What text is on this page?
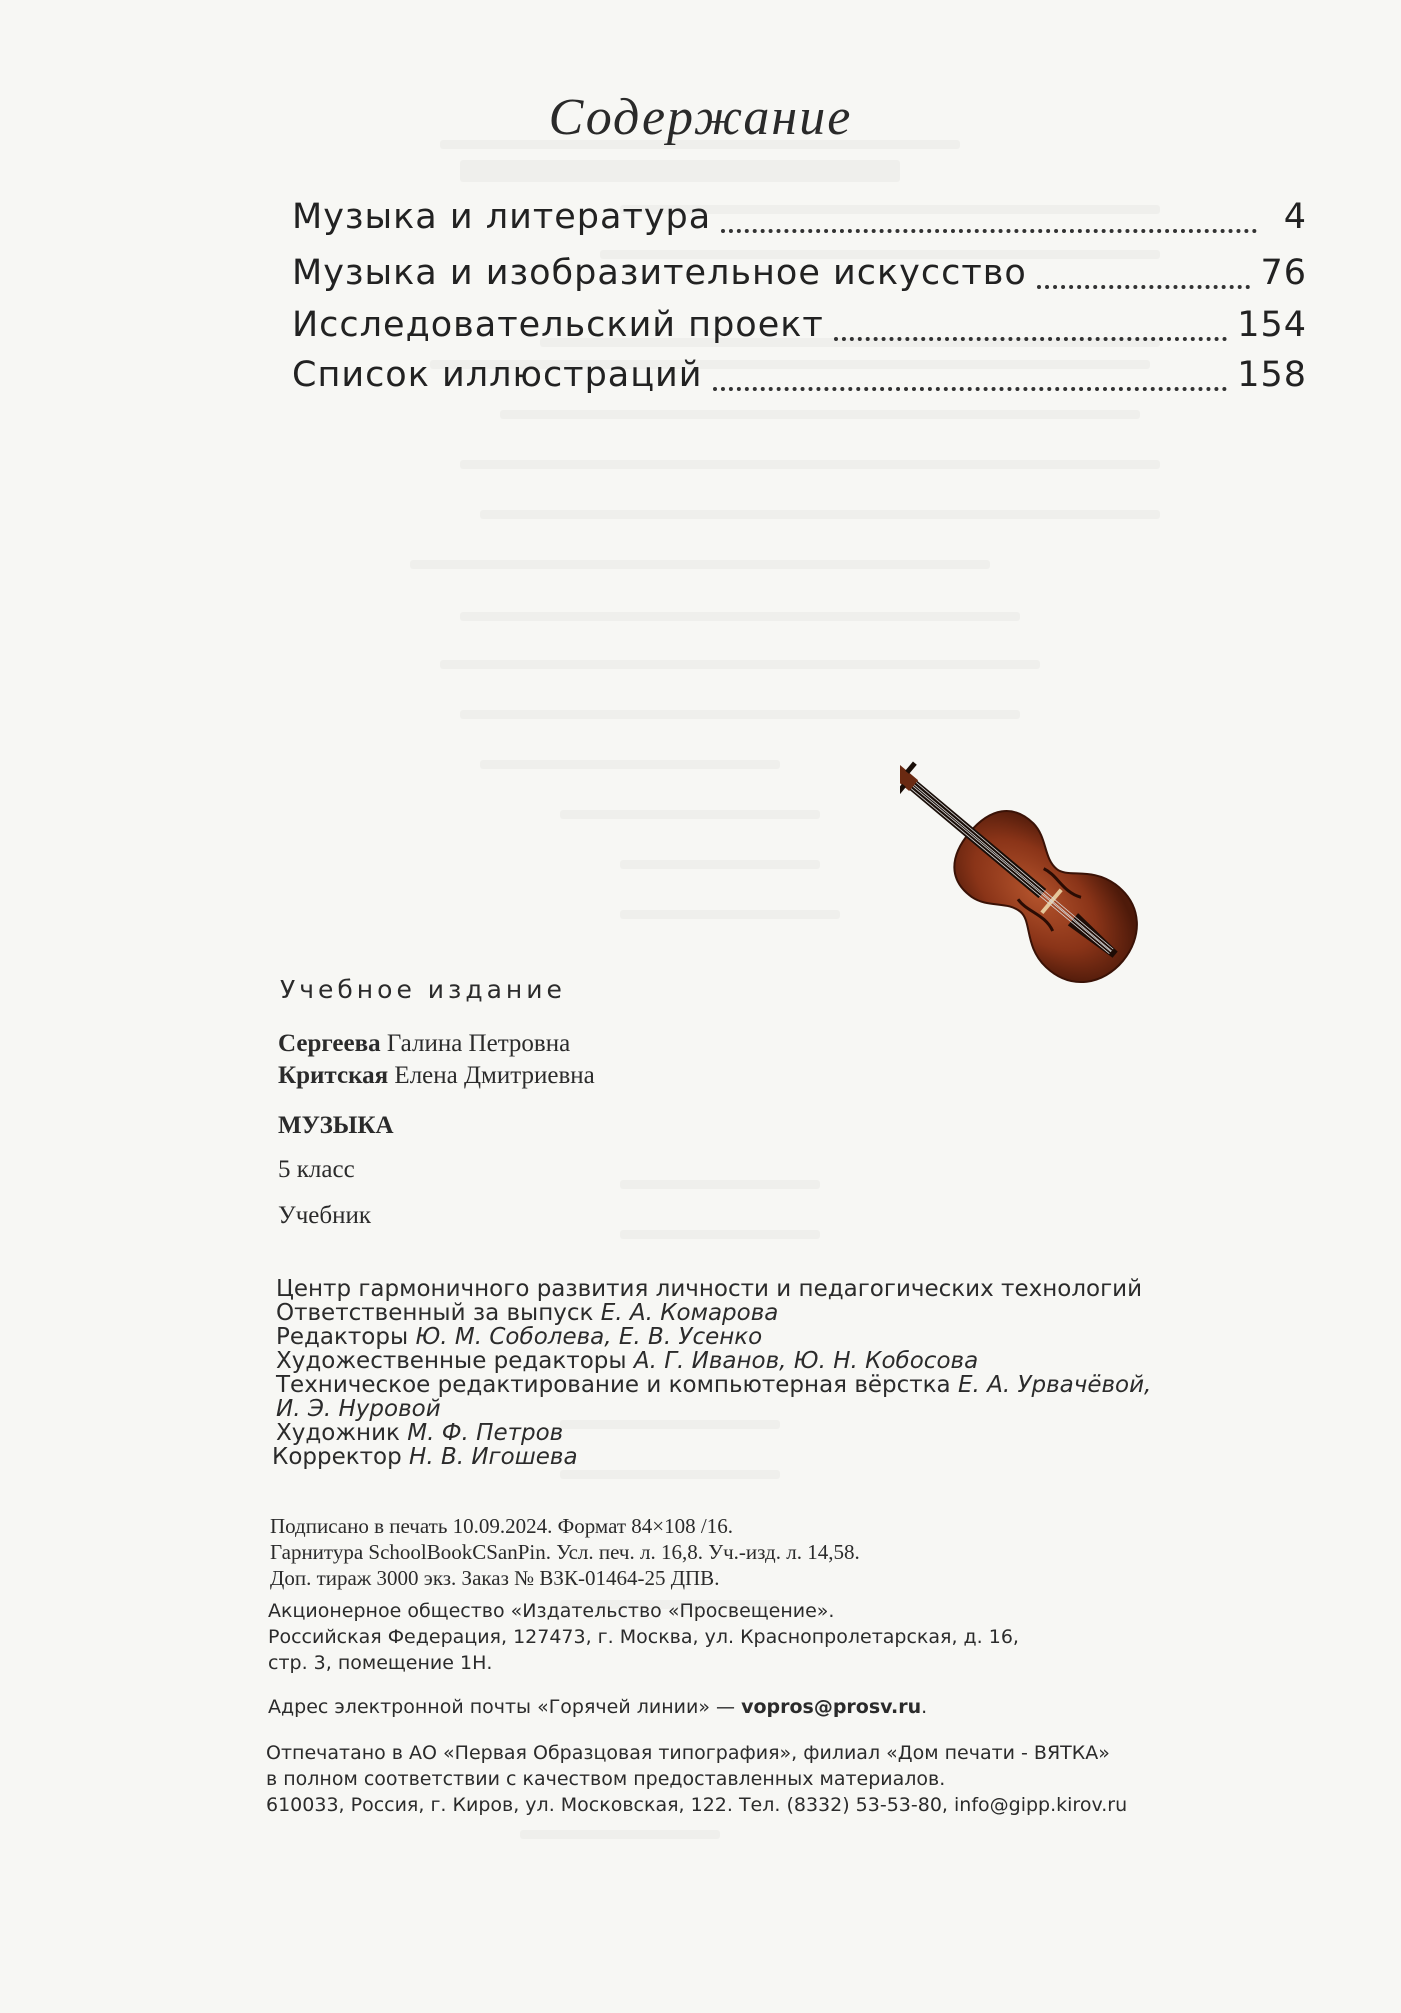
Содержание
Музыка и литература	4
Музыка и изобразительное искусство	76
Исследовательский проект	154
Список иллюстраций	158
Учебное издание
Сергеева Галина Петровна
Критская Елена Дмитриевна
МУЗЫКА
5 класс
Учебник
Центр гармоничного развития личности и педагогических технологий
Ответственный за выпуск Е. А. Комарова
Редакторы Ю. М. Соболева, Е. В. Усенко
Художественные редакторы А. Г. Иванов, Ю. Н. Кобосова
Техническое редактирование и компьютерная вёрстка Е. А. Урвачёвой,
И. Э. Нуровой
Художник М. Ф. Петров
Корректор Н. В. Игошева
Подписано в печать 10.09.2024. Формат 84×108 /16.
Гарнитура SchoolBookCSanPin. Усл. печ. л. 16,8. Уч.-изд. л. 14,58.
Доп. тираж 3000 экз. Заказ № ВЗК-01464-25 ДПВ.
Акционерное общество «Издательство «Просвещение».
Российская Федерация, 127473, г. Москва, ул. Краснопролетарская, д. 16,
стр. 3, помещение 1Н.
Адрес электронной почты «Горячей линии» — vopros@prosv.ru.
Отпечатано в АО «Первая Образцовая типография», филиал «Дом печати - ВЯТКА»
в полном соответствии с качеством предоставленных материалов.
610033, Россия, г. Киров, ул. Московская, 122. Тел. (8332) 53-53-80, info@gipp.kirov.ru
